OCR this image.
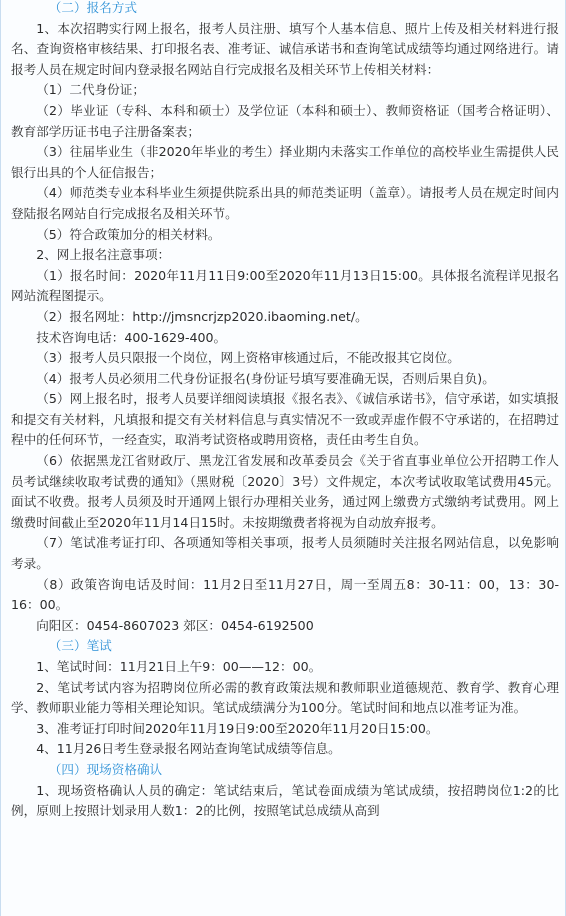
（二）报名方式

1、本次招聘实行网上报名，报考人员注册、填写个人基本信息、照片上传及相关材料进行报名、查询资格审核结果、打印报名表、准考证、诚信承诺书和查询笔试成绩等均通过网络进行。请报考人员在规定时间内登录报名网站自行完成报名及相关环节上传相关材料：

（1）二代身份证；

（2）毕业证（专科、本科和硕士）及学位证（本科和硕士）、教师资格证（国考合格证明）、教育部学历证书电子注册备案表；

（3）往届毕业生（非2020年毕业的考生）择业期内未落实工作单位的高校毕业生需提供人民银行出具的个人征信报告；

（4）师范类专业本科毕业生须提供院系出具的师范类证明（盖章）。请报考人员在规定时间内登陆报名网站自行完成报名及相关环节。

（5）符合政策加分的相关材料。

2、网上报名注意事项：

（1）报名时间：2020年11月11日9:00至2020年11月13日15:00。具体报名流程详见报名网站流程图提示。

（2）报名网址：http://jmsncrjzp2020.ibaoming.net/。

技术咨询电话：400-1629-400。

（3）报考人员只限报一个岗位，网上资格审核通过后，不能改报其它岗位。

（4）报考人员必须用二代身份证报名(身份证号填写要准确无误，否则后果自负)。

（5）网上报名时，报考人员要详细阅读填报《报名表》、《诚信承诺书》，信守承诺，如实填报和提交有关材料，凡填报和提交有关材料信息与真实情况不一致或弄虚作假不守承诺的，在招聘过程中的任何环节，一经查实，取消考试资格或聘用资格，责任由考生自负。

（6）依据黑龙江省财政厅、黑龙江省发展和改革委员会《关于省直事业单位公开招聘工作人员考试继续收取考试费的通知》（黑财税〔2020〕3号）文件规定，本次考试收取笔试费用45元。面试不收费。报考人员须及时开通网上银行办理相关业务，通过网上缴费方式缴纳考试费用。网上缴费时间截止至2020年11月14日15时。未按期缴费者将视为自动放弃报考。

（7）笔试准考证打印、各项通知等相关事项，报考人员须随时关注报名网站信息，以免影响考录。

（8）政策咨询电话及时间：11月2日至11月27日，周一至周五8：30-11：00，13：30-16：00。

向阳区：0454-8607023 郊区：0454-6192500

（三）笔试

1、笔试时间：11月21日上午9：00——12：00。

2、笔试考试内容为招聘岗位所必需的教育政策法规和教师职业道德规范、教育学、教育心理学、教师职业能力等相关理论知识。笔试成绩满分为100分。笔试时间和地点以准考证为准。

3、准考证打印时间2020年11月19日9:00至2020年11月20日15:00。

4、11月26日考生登录报名网站查询笔试成绩等信息。

（四）现场资格确认

1、现场资格确认人员的确定：笔试结束后，笔试卷面成绩为笔试成绩，按招聘岗位1:2的比例，原则上按照计划录用人数1：2的比例，按照笔试总成绩从高到
